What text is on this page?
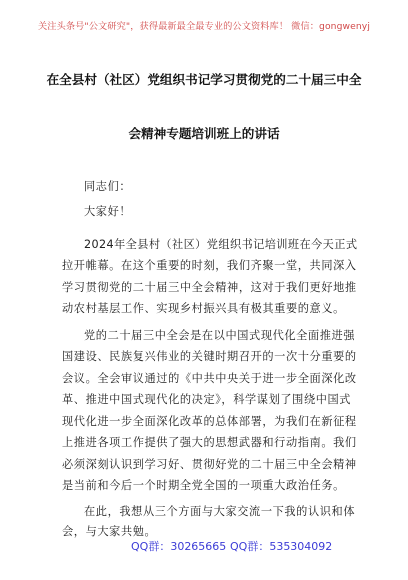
关注头条号"公文研究"，获得最新最全最专业的公文资料库！ 微信：gongwenyj
在全县村（社区）党组织书记学习贯彻党的二十届三中全
会精神专题培训班上的讲话
同志们：
大家好！
2024年全县村（社区）党组织书记培训班在今天正式
拉开帷幕。在这个重要的时刻，我们齐聚一堂，共同深入
学习贯彻党的二十届三中全会精神，这对于我们更好地推
动农村基层工作、实现乡村振兴具有极其重要的意义。
党的二十届三中全会是在以中国式现代化全面推进强
国建设、民族复兴伟业的关键时期召开的一次十分重要的
会议。全会审议通过的《中共中央关于进一步全面深化改
革、推进中国式现代化的决定》，科学谋划了围绕中国式
现代化进一步全面深化改革的总体部署，为我们在新征程
上推进各项工作提供了强大的思想武器和行动指南。我们
必须深刻认识到学习好、贯彻好党的二十届三中全会精神
是当前和今后一个时期全党全国的一项重大政治任务。
QQ群：30265665 QQ群：535304092
在此，我想从三个方面与大家交流一下我的认识和体
会，与大家共勉。
